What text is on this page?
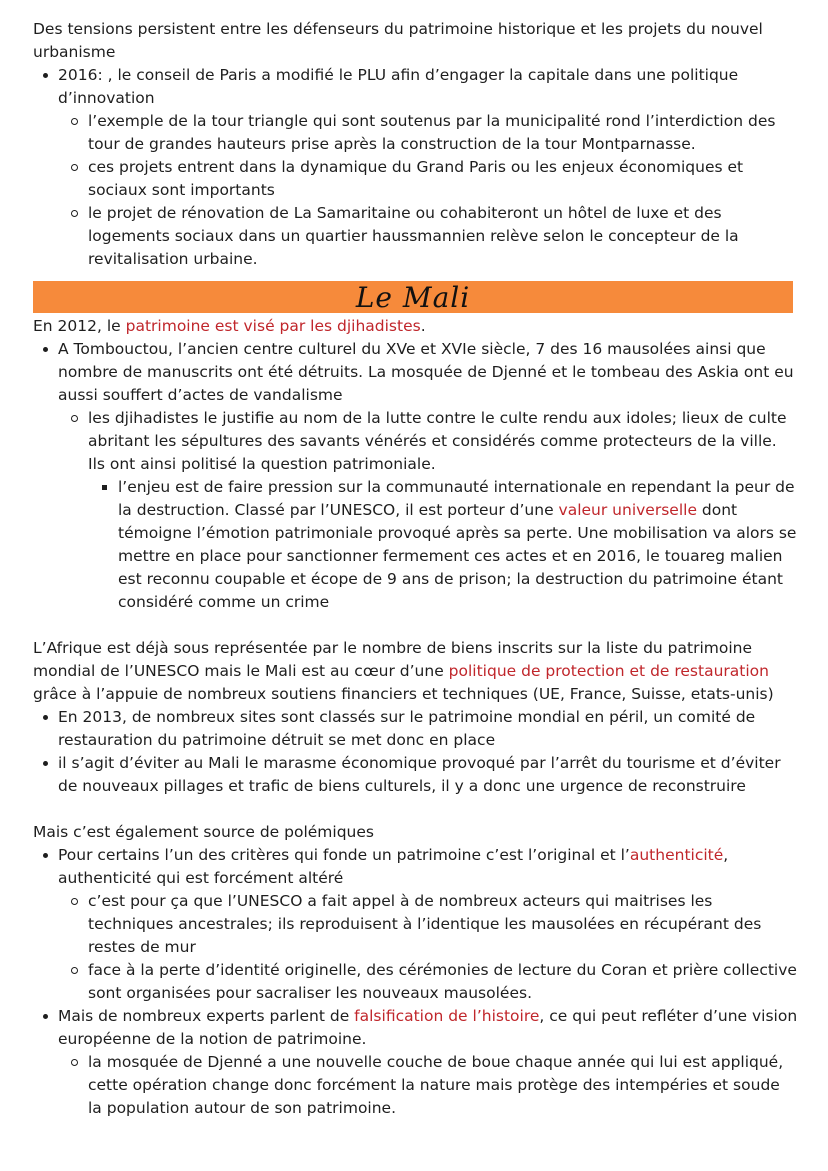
Des tensions persistent entre les défenseurs du patrimoine historique et les projets du nouvel urbanisme

2016: , le conseil de Paris a modifié le PLU afin d’engager la capitale dans une politique d’innovation
l’exemple de la tour triangle qui sont soutenus par la municipalité rond l’interdiction des tour de grandes hauteurs prise après la construction de la tour Montparnasse.
ces projets entrent dans la dynamique du Grand Paris ou les enjeux économiques et sociaux sont importants
le projet de rénovation de La Samaritaine ou cohabiteront un hôtel de luxe et des logements sociaux dans un quartier haussmannien relève selon le concepteur de la revitalisation urbaine.
Le Mali

En 2012, le patrimoine est visé par les djihadistes.

A Tombouctou, l’ancien centre culturel du XVe et XVIe siècle, 7 des 16 mausolées ainsi que nombre de manuscrits ont été détruits. La mosquée de Djenné et le tombeau des Askia ont eu aussi souffert d’actes de vandalisme
les djihadistes le justifie au nom de la lutte contre le culte rendu aux idoles; lieux de culte abritant les sépultures des savants vénérés et considérés comme protecteurs de la ville. Ils ont ainsi politisé la question patrimoniale.
l’enjeu est de faire pression sur la communauté internationale en rependant la peur de la destruction. Classé par l’UNESCO, il est porteur d’une valeur universelle dont témoigne l’émotion patrimoniale provoqué après sa perte. Une mobilisation va alors se mettre en place pour sanctionner fermement ces actes et en 2016, le touareg malien est reconnu coupable et écope de 9 ans de prison; la destruction du patrimoine étant considéré comme un crime

L’Afrique est déjà sous représentée par le nombre de biens inscrits sur la liste du patrimoine mondial de l’UNESCO mais le Mali est au cœur d’une politique de protection et de restauration grâce à l’appuie de nombreux soutiens financiers et techniques (UE, France, Suisse, etats-unis)

En 2013, de nombreux sites sont classés sur le patrimoine mondial en péril, un comité de restauration du patrimoine détruit se met donc en place
il s’agit d’éviter au Mali le marasme économique provoqué par l’arrêt du tourisme et d’éviter de nouveaux pillages et trafic de biens culturels, il y a donc une urgence de reconstruire

Mais c’est également source de polémiques

Pour certains l’un des critères qui fonde un patrimoine c’est l’original et l’authenticité, authenticité qui est forcément altéré
c’est pour ça que l’UNESCO a fait appel à de nombreux acteurs qui maitrises les techniques ancestrales; ils reproduisent à l’identique les mausolées en récupérant des restes de mur
face à la perte d’identité originelle, des cérémonies de lecture du Coran et prière collective sont organisées pour sacraliser les nouveaux mausolées.
Mais de nombreux experts parlent de falsification de l’histoire, ce qui peut refléter d’une vision européenne de la notion de patrimoine.
la mosquée de Djenné a une nouvelle couche de boue chaque année qui lui est appliqué, cette opération change donc forcément la nature mais protège des intempéries et soude la population autour de son patrimoine.
